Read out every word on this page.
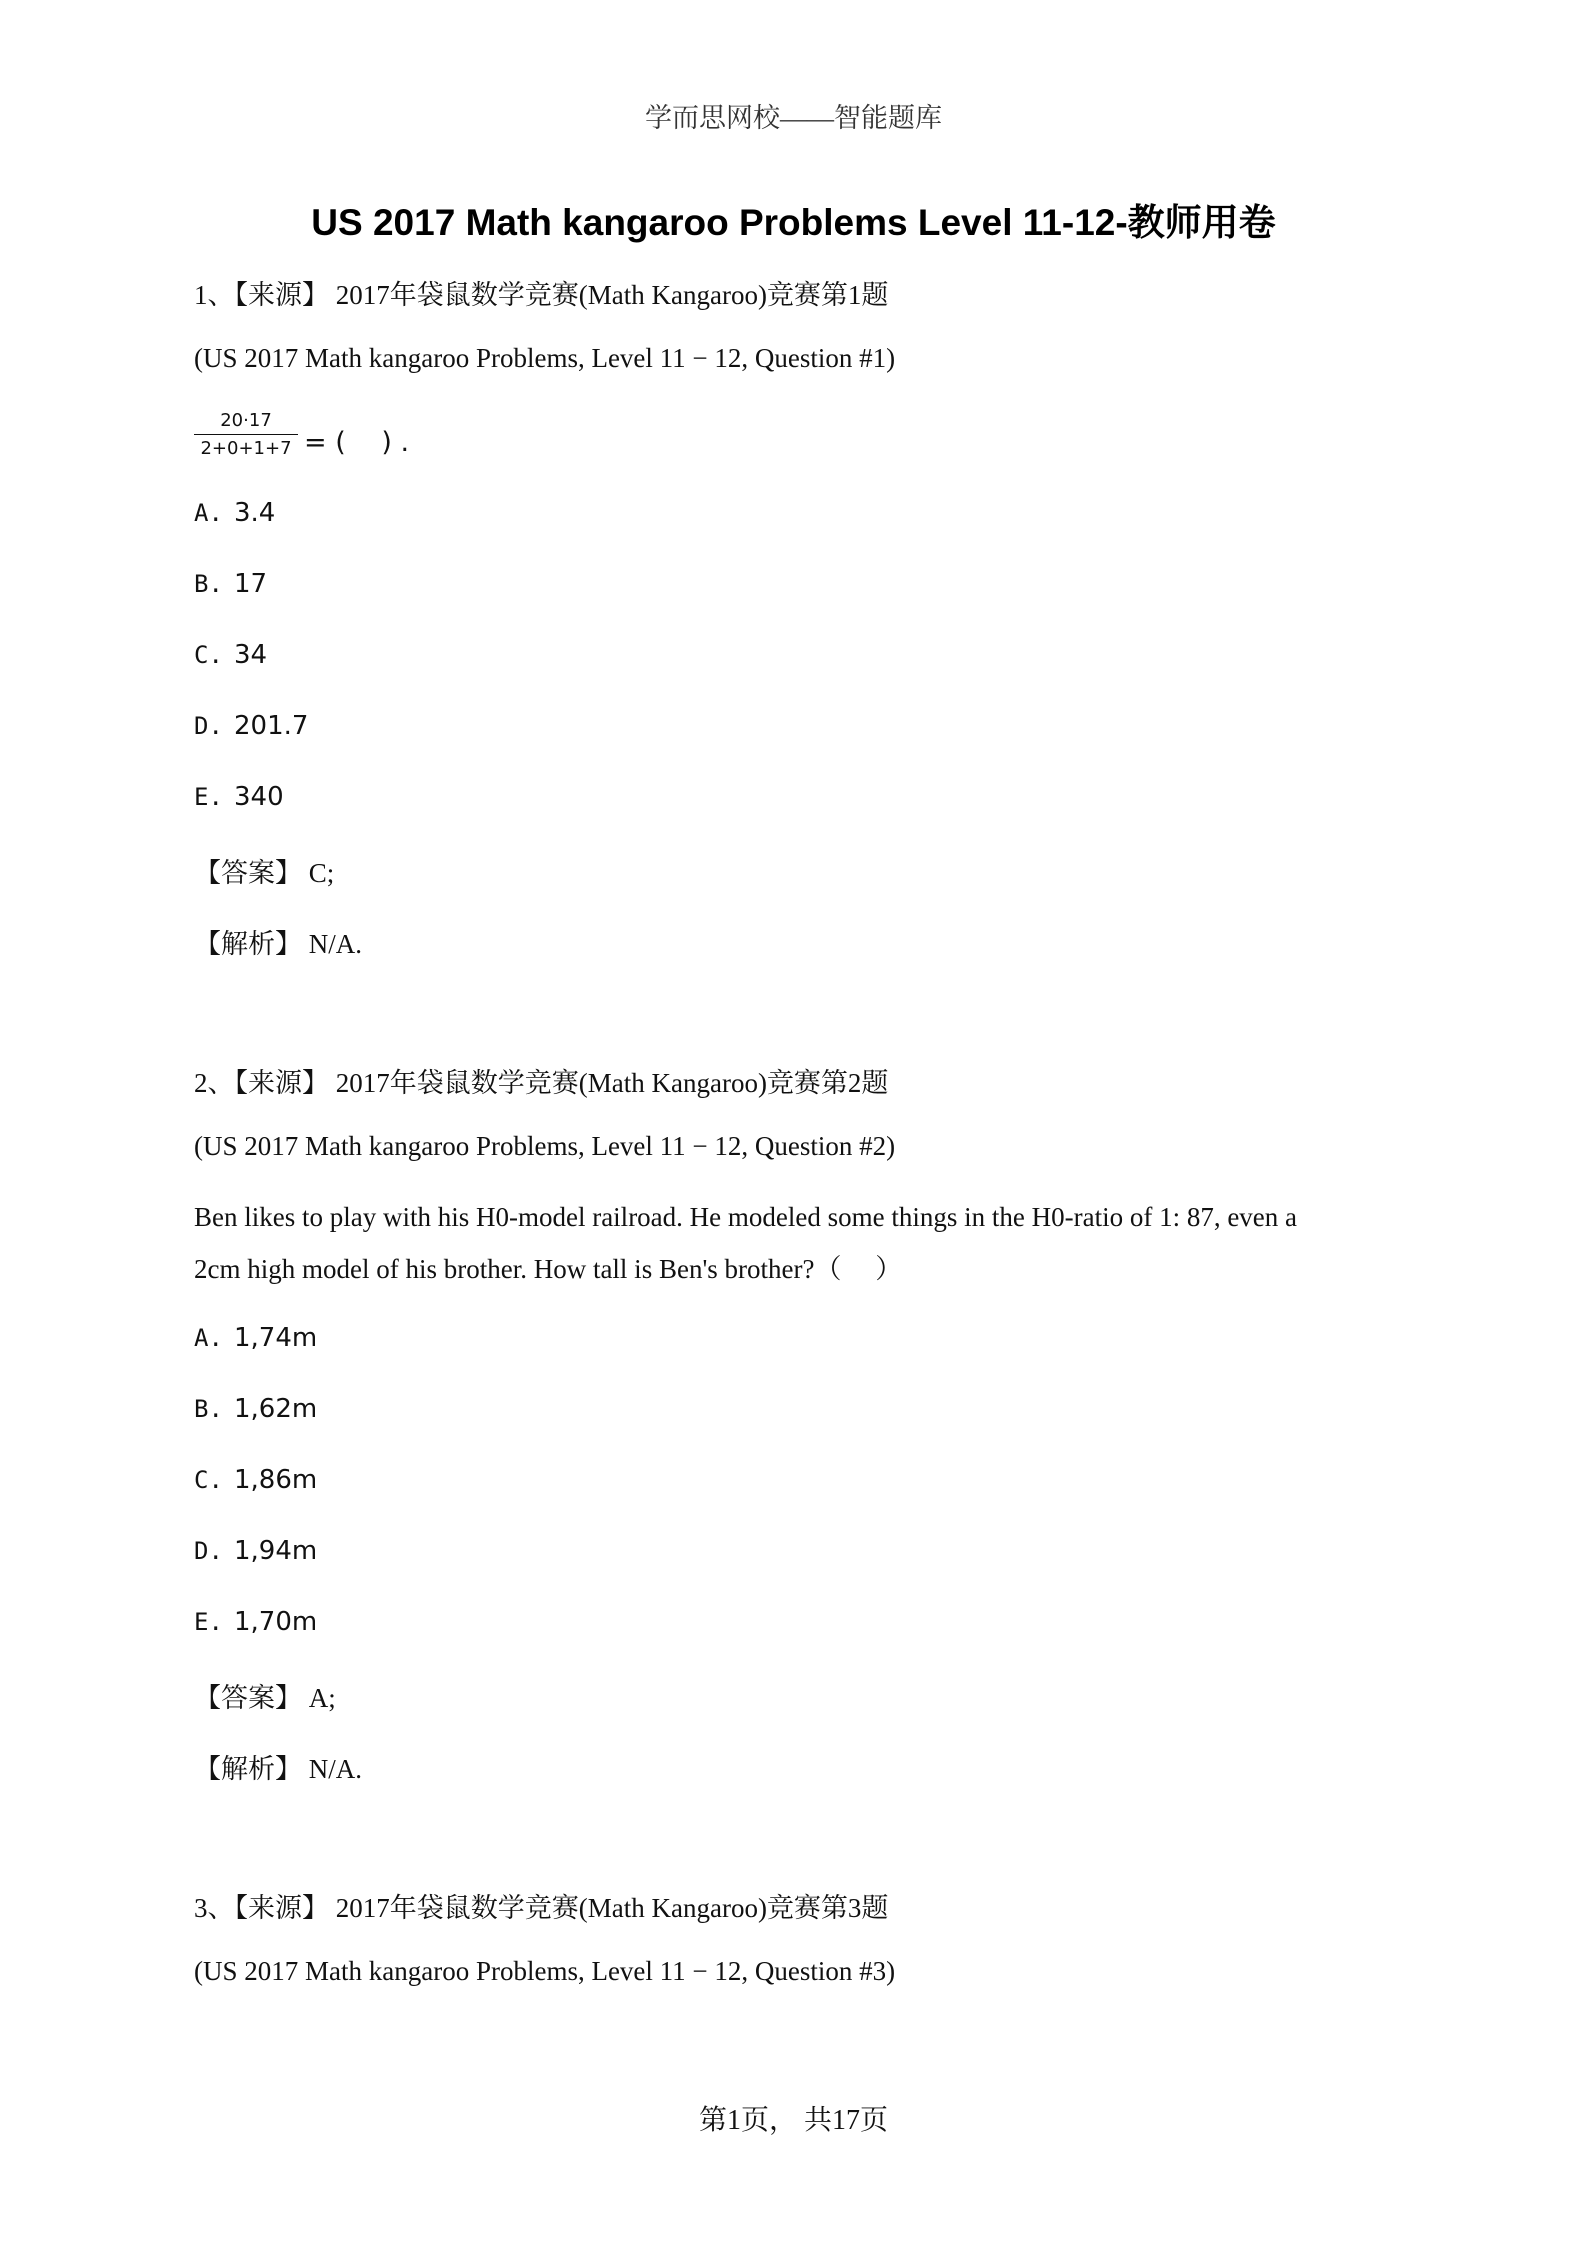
学而思网校——智能题库
US 2017 Math kangaroo Problems Level 11-12-教师用卷
1、【来源】 2017年袋鼠数学竞赛(Math Kangaroo)竞赛第1题
(US 2017 Math kangaroo Problems, Level 11 − 12, Question #1)
$\frac{20\cdot 17}{2+0+1+7}$ = (　 ) .
A. 3.4
B. 17
C. 34
D. 201.7
E. 340
【答案】 C;
【解析】 N/A.
2、【来源】 2017年袋鼠数学竞赛(Math Kangaroo)竞赛第2题
(US 2017 Math kangaroo Problems, Level 11 − 12, Question #2)
Ben likes to play with his H0-model railroad. He modeled some things in the H0-ratio of 1: 87, even a
2cm high model of his brother. How tall is Ben's brother?（　 ）
A. 1,74m
B. 1,62m
C. 1,86m
D. 1,94m
E. 1,70m
【答案】 A;
【解析】 N/A.
3、【来源】 2017年袋鼠数学竞赛(Math Kangaroo)竞赛第3题
(US 2017 Math kangaroo Problems, Level 11 − 12, Question #3)
第1页， 共17页
